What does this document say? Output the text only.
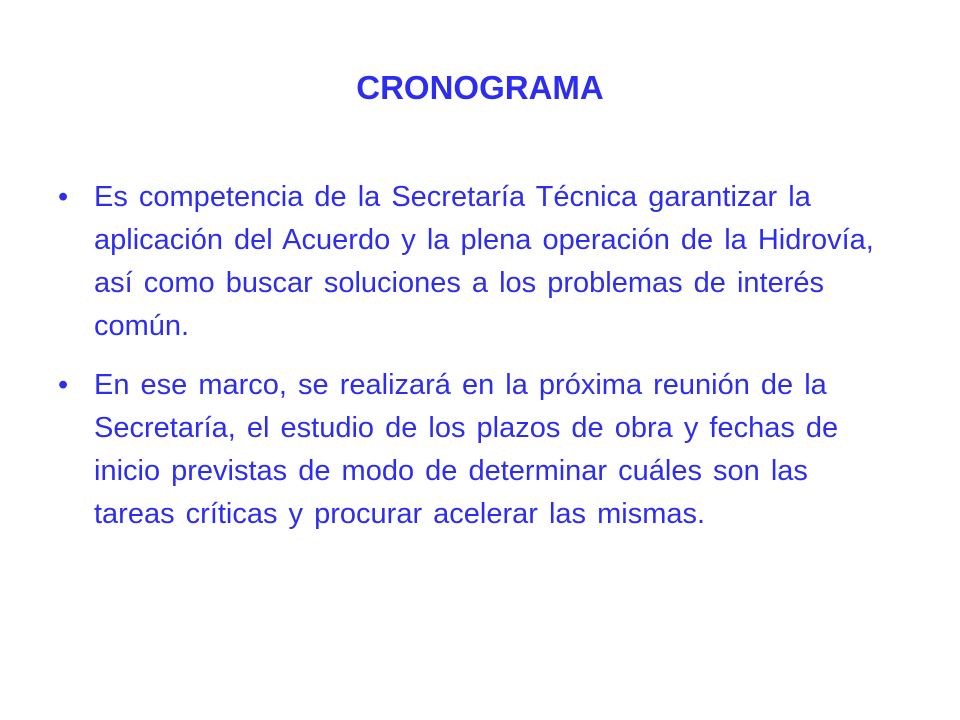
CRONOGRAMA
• Es competencia de la Secretaría Técnica garantizar la aplicación del Acuerdo y la plena operación de la Hidrovía, así como buscar soluciones a los problemas de interés común.
• En ese marco, se realizará en la próxima reunión de la Secretaría, el estudio de los plazos de obra y fechas de inicio previstas de modo de determinar cuáles son las tareas críticas y procurar acelerar las mismas.
